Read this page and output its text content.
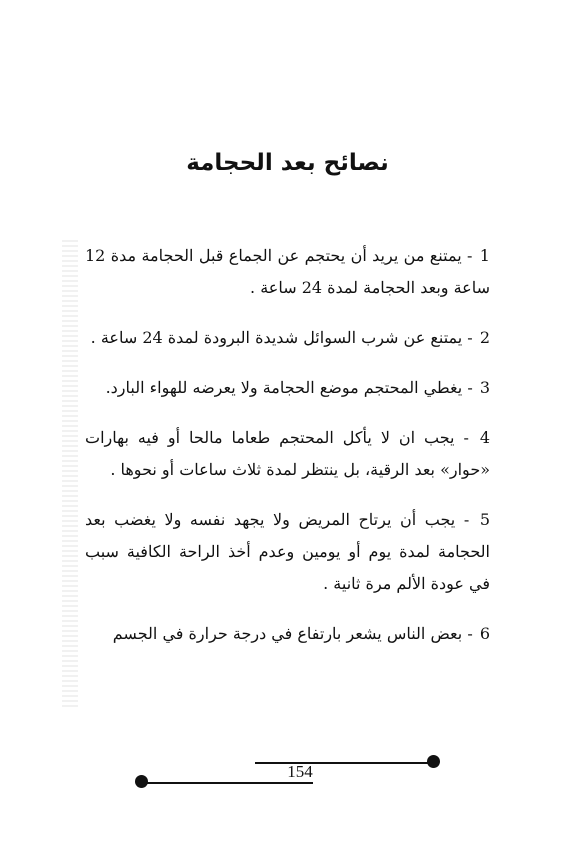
نصائح بعد الحجامة

1 - يمتنع من يريد أن يحتجم عن الجماع قبل الحجامة مدة 12 ساعة وبعد الحجامة لمدة 24 ساعة .

2 - يمتنع عن شرب السوائل شديدة البرودة لمدة 24 ساعة .

3 - يغطي المحتجم موضع الحجامة ولا يعرضه للهواء البارد.

4 - يجب ان لا يأكل المحتجم طعاما مالحا أو فيه بهارات «حوار» بعد الرقية، بل ينتظر لمدة ثلاث ساعات أو نحوها .

5 - يجب أن يرتاح المريض ولا يجهد نفسه ولا يغضب بعد الحجامة لمدة يوم أو يومين وعدم أخذ الراحة الكافية سبب في عودة الألم مرة ثانية .

6 - بعض الناس يشعر بارتفاع في درجة حرارة في الجسم

154
